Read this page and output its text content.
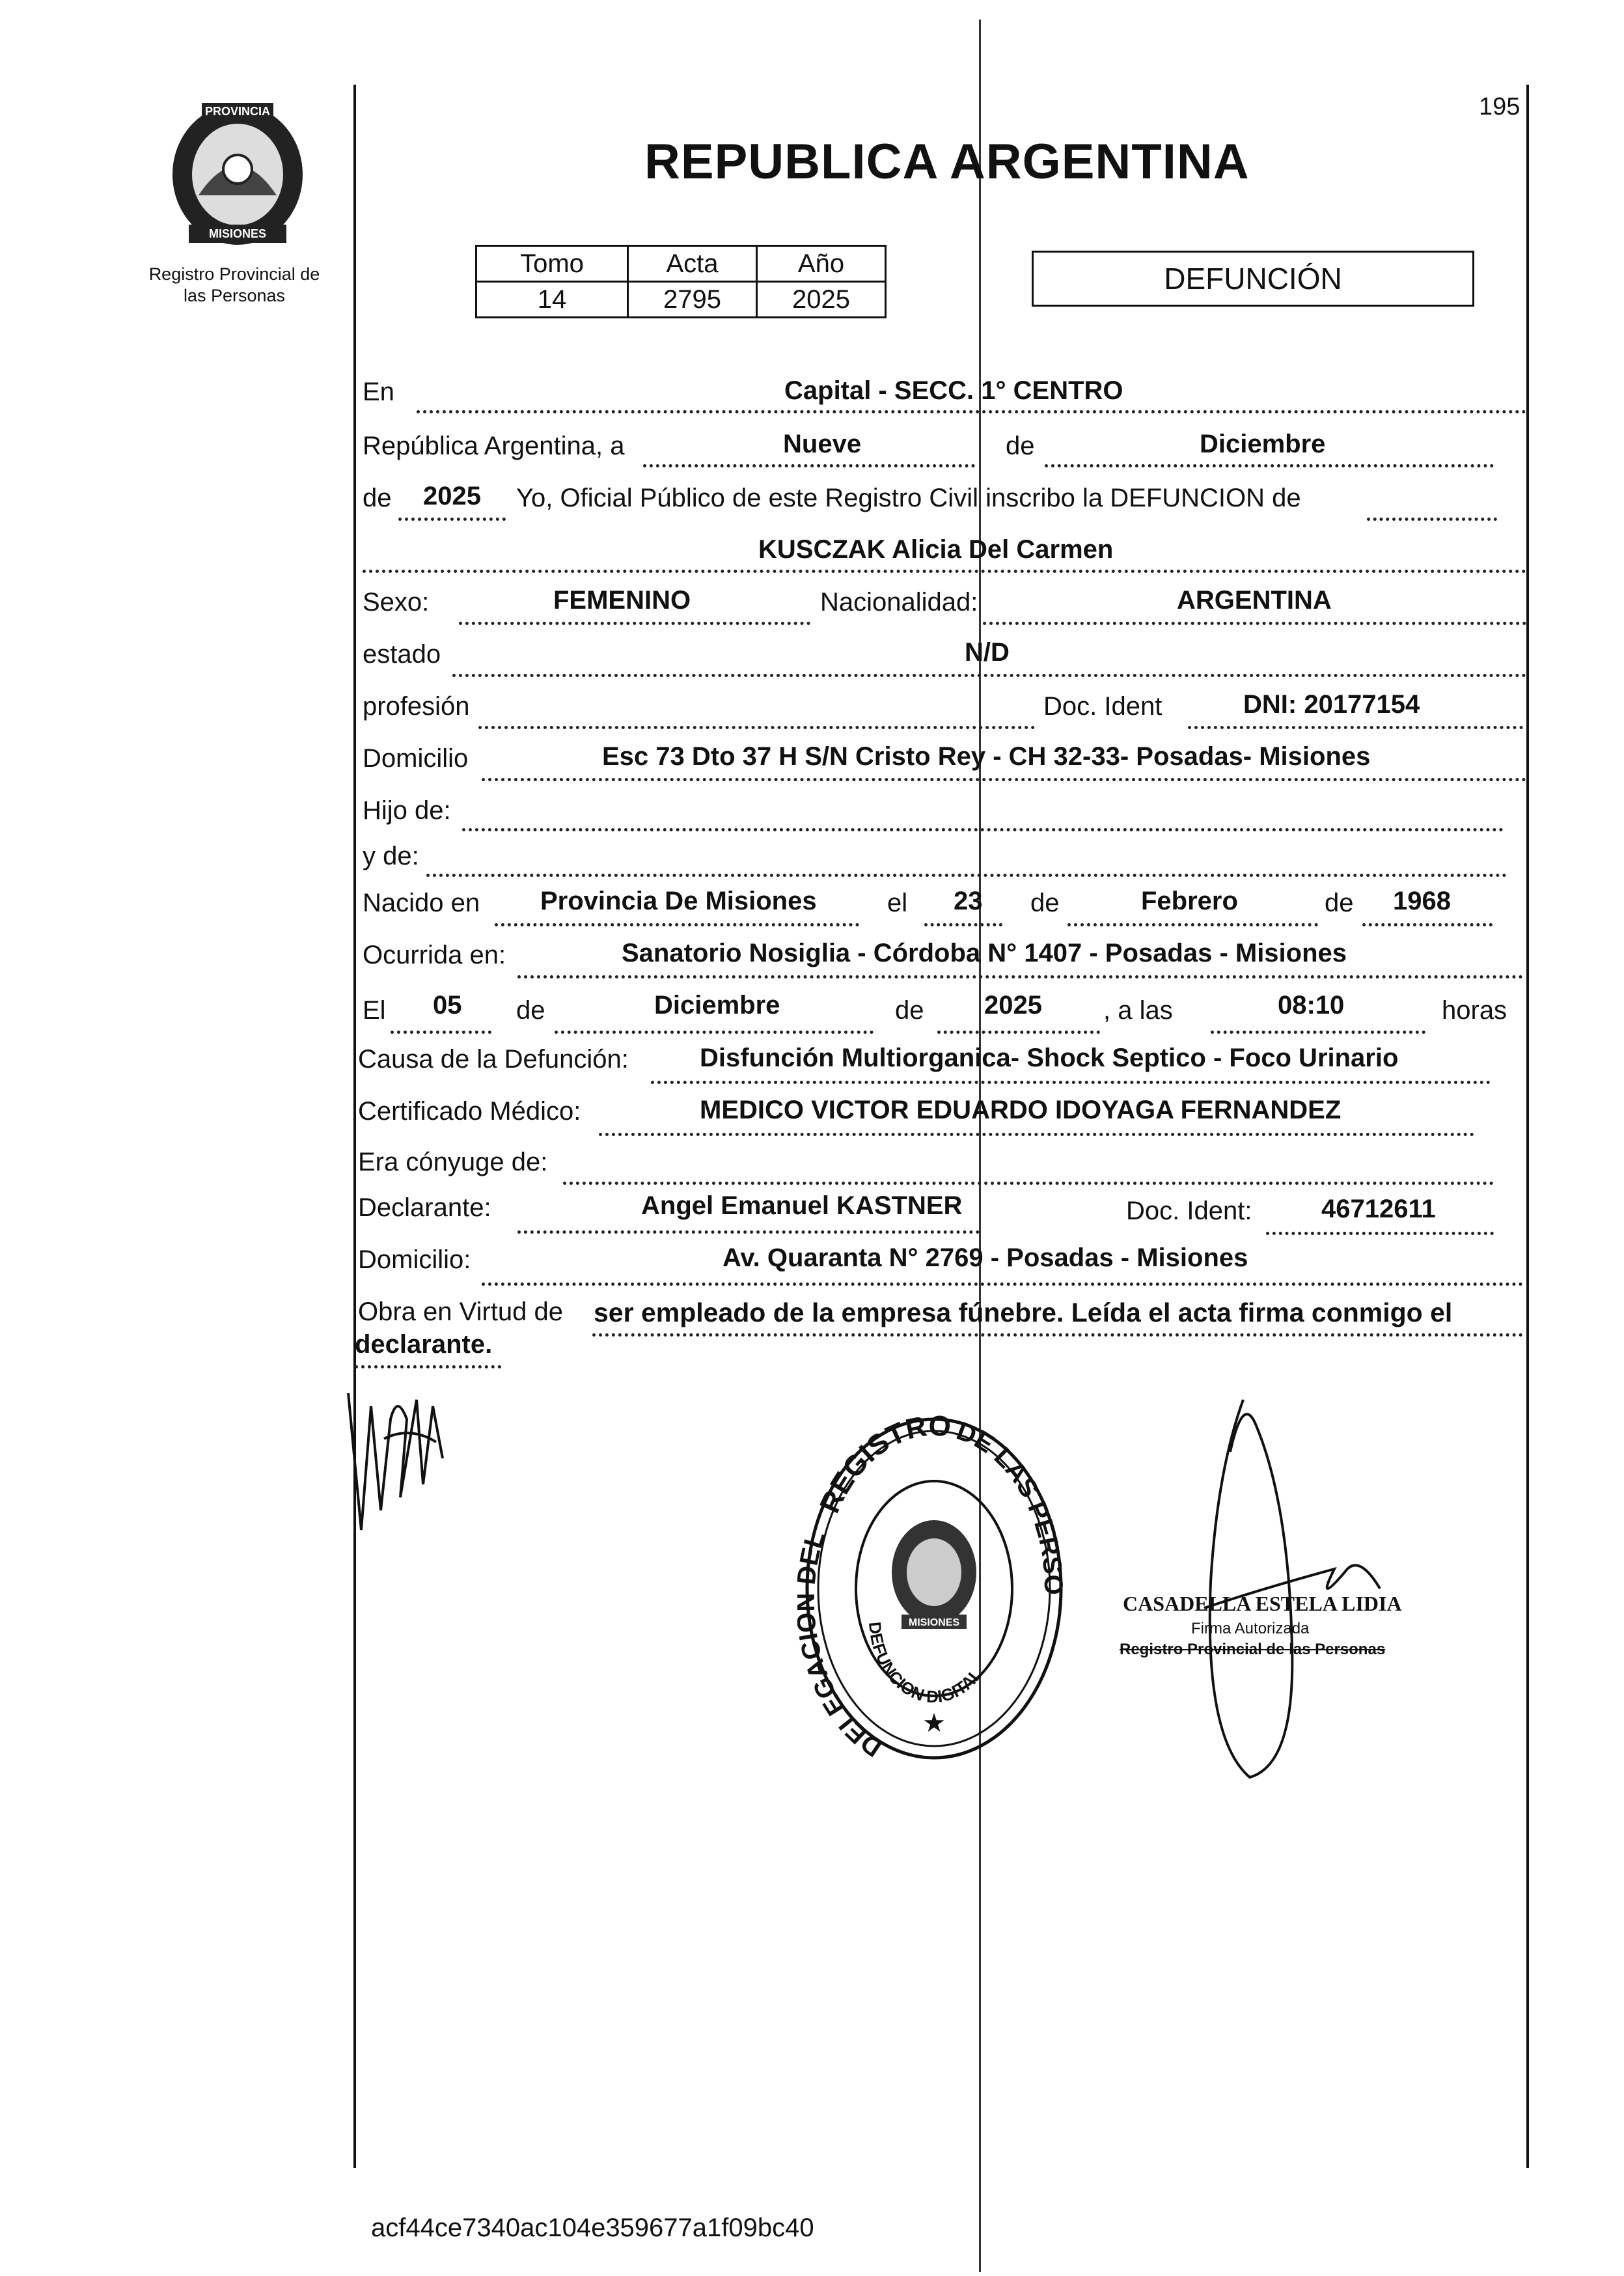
PROVINCIA
MISIONES
Registro Provincial de
las Personas
195
REPUBLICA ARGENTINA
Tomo	Acta	Año
14	2795	2025
DEFUNCIÓN
En	Capital - SECC. 1° CENTRO
República Argentina, a	Nueve	de	Diciembre
de 2025 Yo, Oficial Público de este Registro Civil inscribo la DEFUNCION de
KUSCZAK Alicia Del Carmen
Sexo:	FEMENINO	Nacionalidad:	ARGENTINA
estado	N/D
profesión	Doc. Ident	DNI: 20177154
Domicilio	Esc 73 Dto 37 H S/N Cristo Rey - CH 32-33- Posadas- Misiones
Hijo de:
y de:
Nacido en Provincia De Misiones	el 23 de	Febrero	de 1968
Ocurrida en:	Sanatorio Nosiglia - Córdoba N° 1407 - Posadas - Misiones
El 05 de	Diciembre	de 2025 , a las	08:10	horas
Causa de la Defunción:	Disfunción Multiorganica- Shock Septico - Foco Urinario
Certificado Médico:	MEDICO VICTOR EDUARDO IDOYAGA FERNANDEZ
Era cónyuge de:
Declarante:	Angel Emanuel KASTNER	Doc. Ident:	46712611
Domicilio:	Av. Quaranta N° 2769 - Posadas - Misiones
Obra en Virtud de ser empleado de la empresa fúnebre. Leída el acta firma conmigo el
declarante.
REGISTRO DE LAS PERSO
DELEGAC EL
DEFUNCION DIGITAL
MISIONES
★
CASADELLA ESTELA LIDIA
Firma Autorizada
Registro Provincial de las Personas
acf44ce7340ac104e359677a1f09bc40
